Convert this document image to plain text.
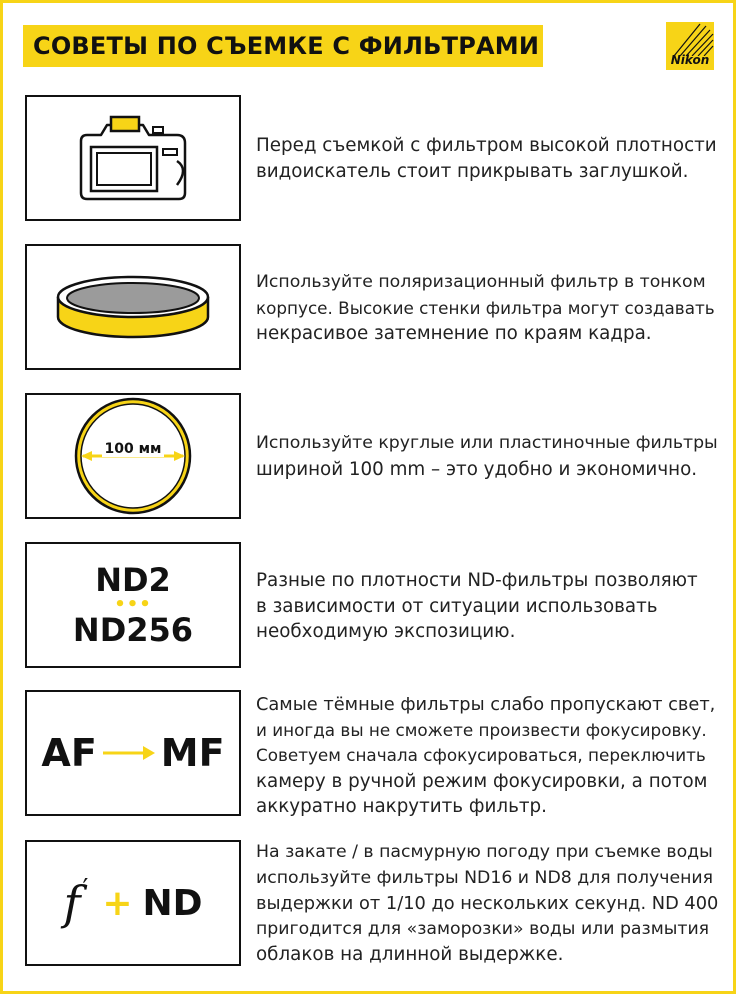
СОВЕТЫ ПО СЪЕМКЕ С ФИЛЬТРАМИ	Nikon

Перед съемкой с фильтром высокой плотности

видоискатель стоит прикрывать заглушкой.

Используйте поляризационный фильтр в тонком

корпусе. Высокие стенки фильтра могут создавать

некрасивое затемнение по краям кадра.

100 мм	Используйте круглые или пластиночные фильтры

шириной 100 mm – это удобно и экономично.

ND2
•••
ND256

Разные по плотности ND-фильтры позволяют

в зависимости от ситуации использовать

необходимую экспозицию.

AF MF

Самые тёмные фильтры слабо пропускают свет,

и иногда вы не сможете произвести фокусировку.

Советуем сначала сфокусироваться, переключить

камеру в ручной режим фокусировки, а потом

аккуратно накрутить фильтр.

f ′ + ND

На закате / в пасмурную погоду при съемке воды

используйте фильтры ND16 и ND8 для получения

выдержки от 1/10 до нескольких секунд. ND 400

пригодится для «заморозки» воды или размытия

облаков на длинной выдержке.
